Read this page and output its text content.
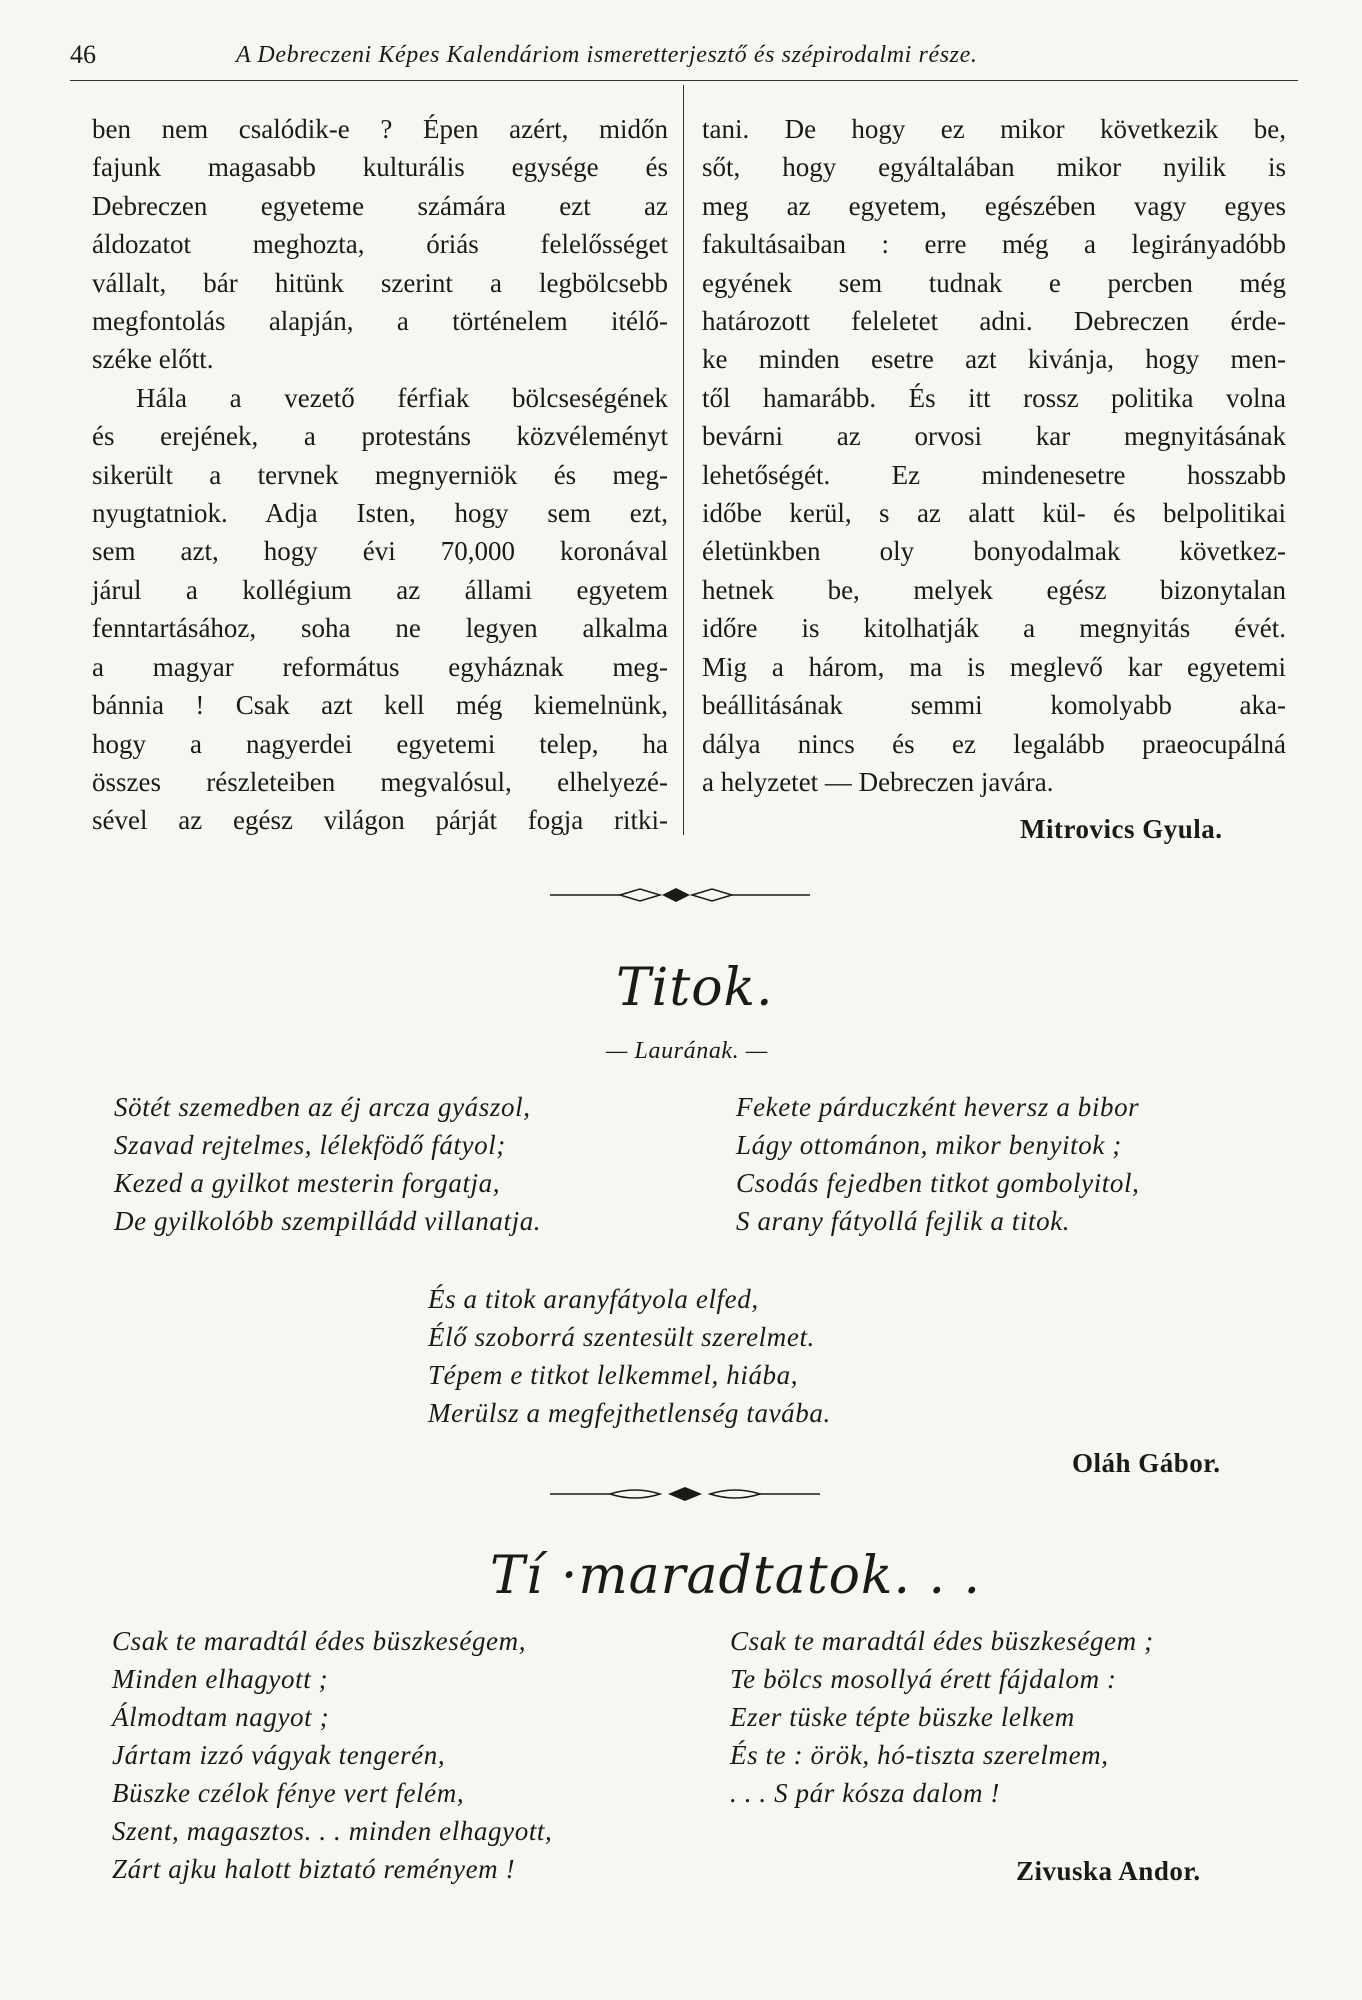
46	A Debreczeni Képes Kalendáriom ismeretterjesztő és szépirodalmi része.

ben nem csalódik-e ? Épen azért, midőn

fajunk magasabb kulturális egysége és

Debreczen egyeteme számára ezt az

áldozatot meghozta, óriás felelősséget

vállalt, bár hitünk szerint a legbölcsebb

megfontolás alapján, a történelem itélő-

széke előtt.

Hála a vezető férfiak bölcseségének

és erejének, a protestáns közvéleményt

sikerült a tervnek megnyerniök és meg-

nyugtatniok. Adja Isten, hogy sem ezt,

sem azt, hogy évi 70,000 koronával

járul a kollégium az állami egyetem

fenntartásához, soha ne legyen alkalma

a magyar református egyháznak meg-

bánnia ! Csak azt kell még kiemelnünk,

hogy a nagyerdei egyetemi telep, ha

összes részleteiben megvalósul, elhelyezé-

sével az egész világon párját fogja ritki-

tani. De hogy ez mikor következik be,

sőt, hogy egyáltalában mikor nyilik is

meg az egyetem, egészében vagy egyes

fakultásaiban : erre még a legirányadóbb

egyének sem tudnak e percben még

határozott feleletet adni. Debreczen érde-

ke minden esetre azt kivánja, hogy men-

től hamarább. És itt rossz politika volna

bevárni az orvosi kar megnyitásának

lehetőségét. Ez mindenesetre hosszabb

időbe kerül, s az alatt kül- és belpolitikai

életünkben oly bonyodalmak következ-

hetnek be, melyek egész bizonytalan

időre is kitolhatják a megnyitás évét.

Mig a három, ma is meglevő kar egyetemi

beállitásának semmi komolyabb aka-

dálya nincs és ez legalább praeocupálná

a helyzetet — Debreczen javára.

Mitrovics Gyula.
Titok.
— Laurának. —
Sötét szemedben az éj arcza gyászol,
Szavad rejtelmes, lélekfödő fátyol;
Kezed a gyilkot mesterin forgatja,
De gyilkolóbb szempilládd villanatja.
Fekete párduczként heversz a bibor
Lágy ottománon, mikor benyitok ;
Csodás fejedben titkot gombolyitol,
S arany fátyollá fejlik a titok.
És a titok aranyfátyola elfed,
Élő szoborrá szentesült szerelmet.
Tépem e titkot lelkemmel, hiába,
Merülsz a megfejthetlenség tavába.
Oláh Gábor.
Tí ·maradtatok. . .
Csak te maradtál édes büszkeségem,
Minden elhagyott ;
Álmodtam nagyot ;
Jártam izzó vágyak tengerén,
Büszke czélok fénye vert felém,
Szent, magasztos. . . minden elhagyott,
Zárt ajku halott biztató reményem !
Csak te maradtál édes büszkeségem ;
Te bölcs mosollyá érett fájdalom :
Ezer tüske tépte büszke lelkem
És te : örök, hó-tiszta szerelmem,
. . . S pár kósza dalom !
Zivuska Andor.
